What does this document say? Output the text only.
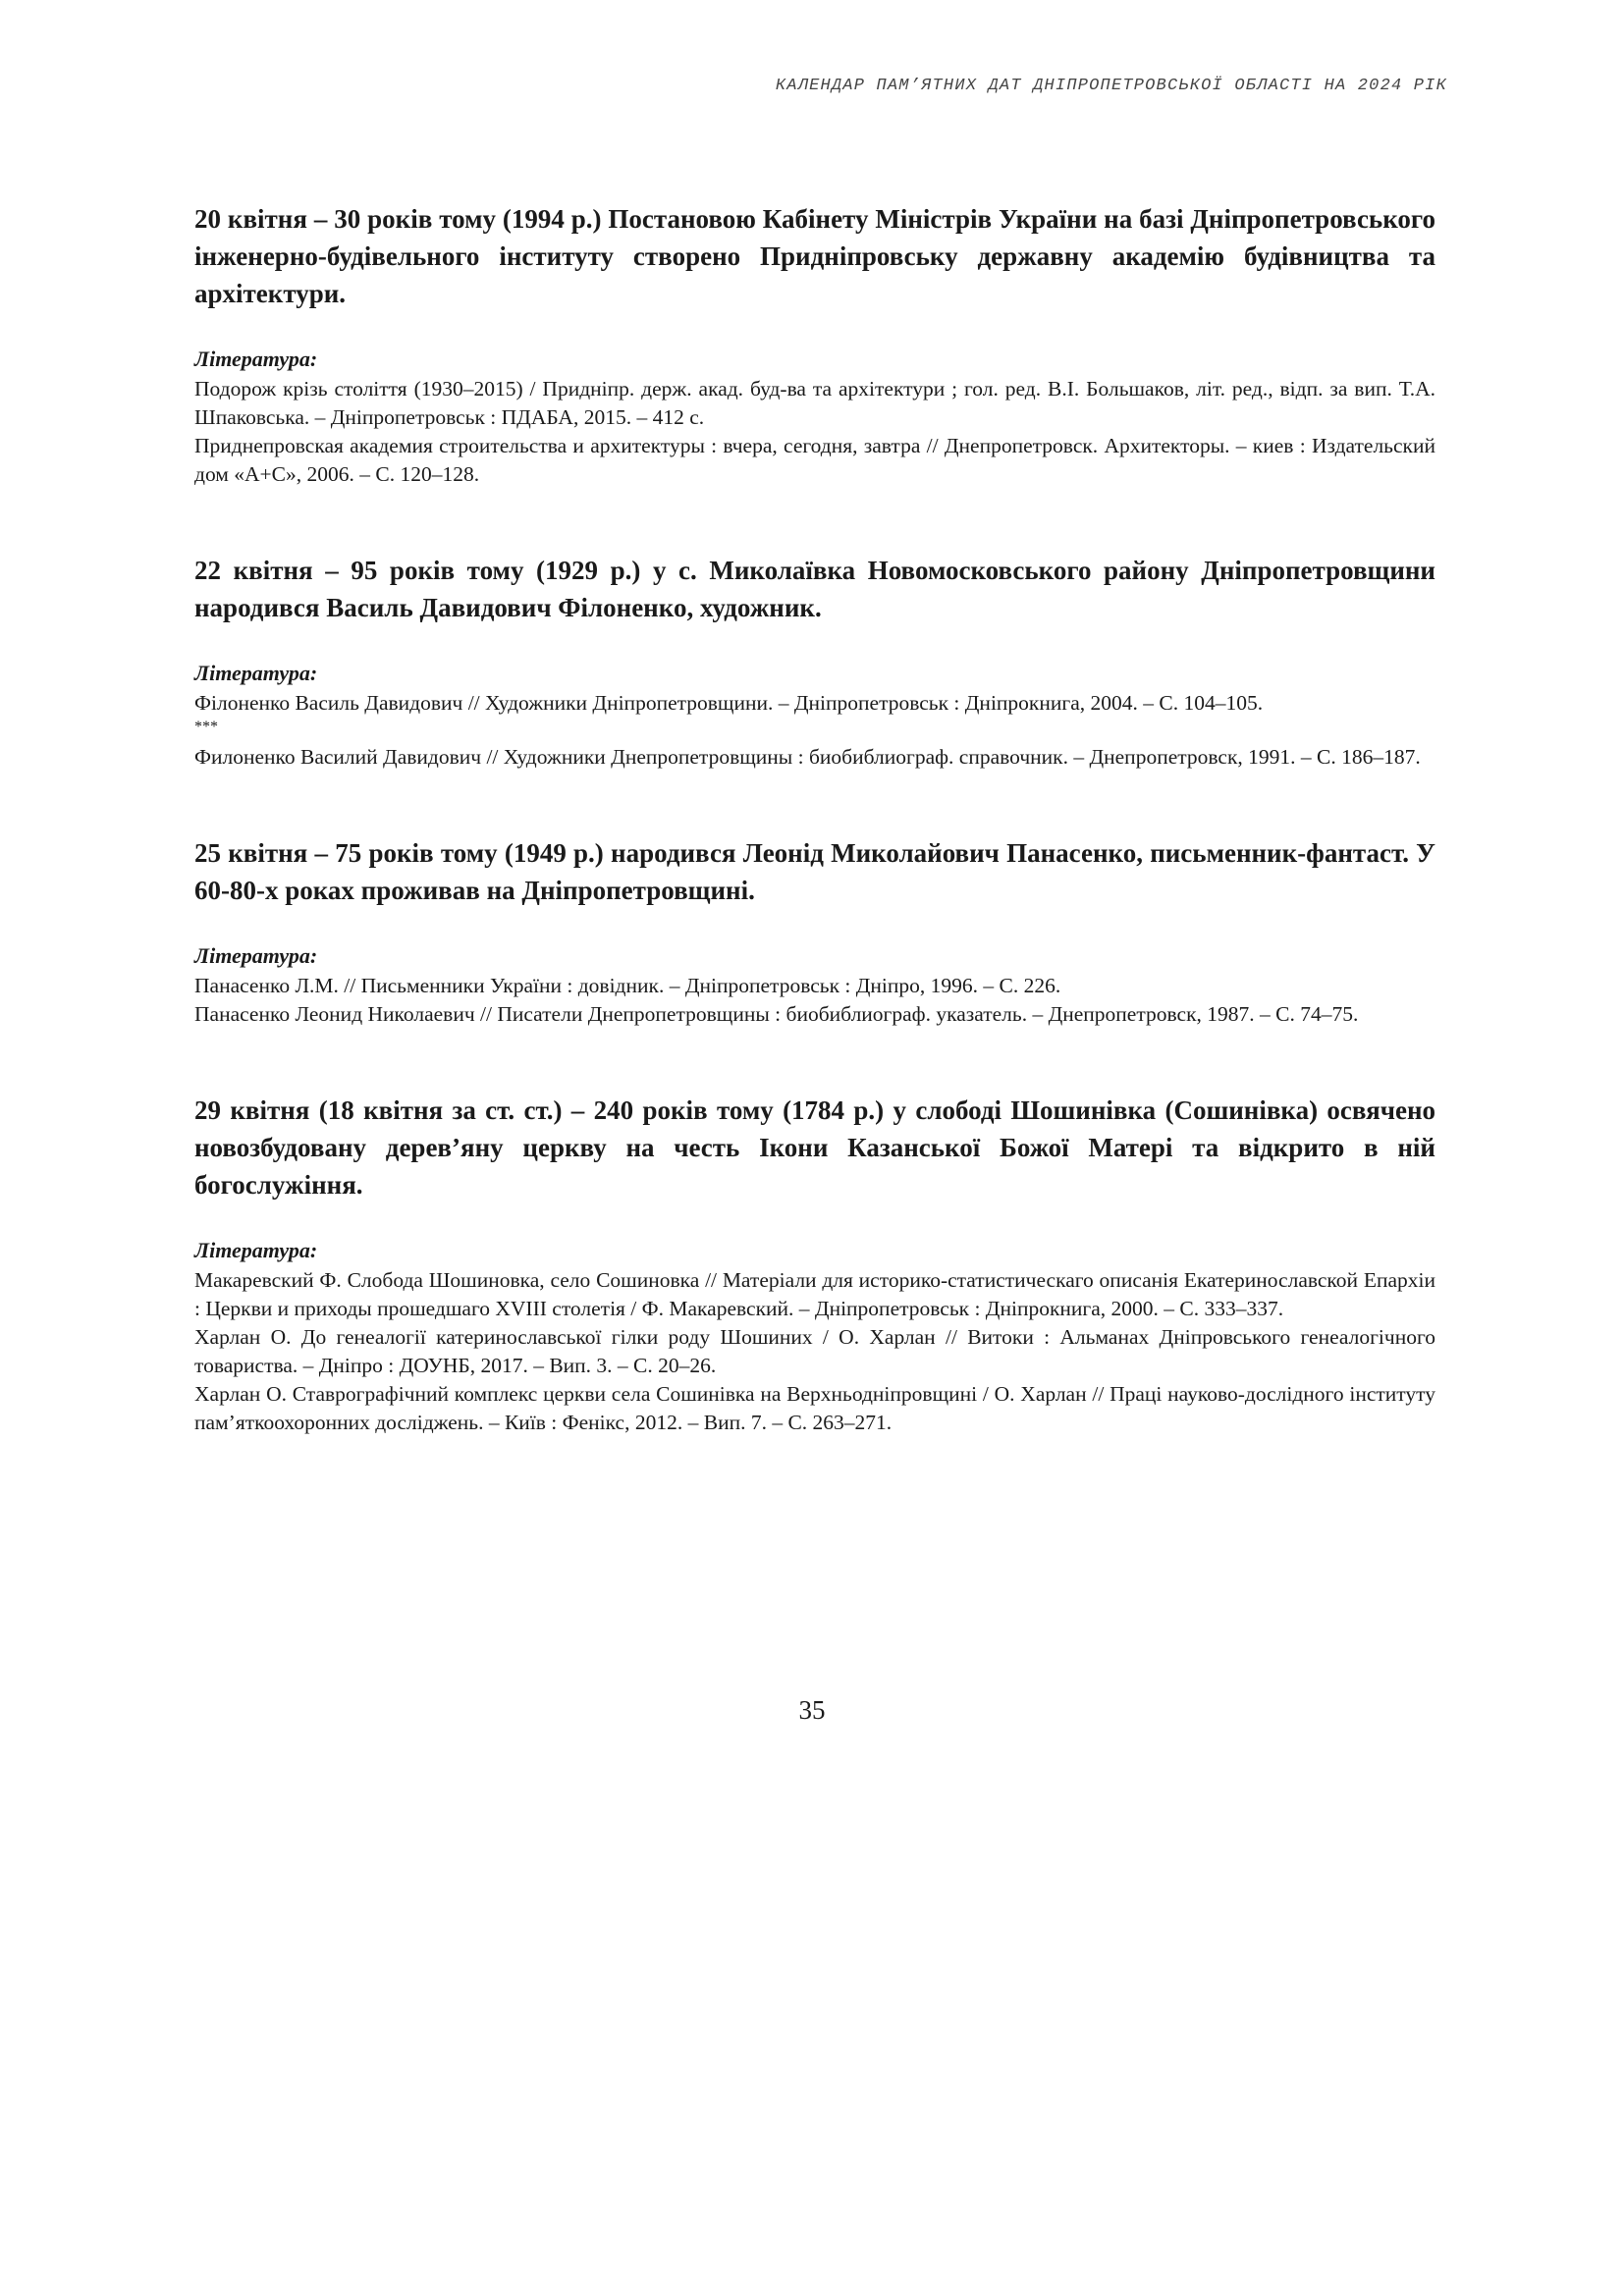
КАЛЕНДАР ПАМ’ЯТНИХ ДАТ ДНІПРОПЕТРОВСЬКОЇ ОБЛАСТІ НА 2024 РІК

20 квітня – 30 років тому (1994 р.) Постановою Кабінету Міністрів України на базі Дніпропетровського інженерно-будівельного інституту створено Придніпровську державну академію будівництва та архітектури.

Література:

Подорож крізь століття (1930–2015) / Придніпр. держ. акад. буд-ва та архітектури ; гол. ред. В.І. Большаков, літ. ред., відп. за вип. Т.А. Шпаковська. – Дніпропетровськ : ПДАБА, 2015. – 412 с.

Приднепровская академия строительства и архитектуры : вчера, сегодня, завтра // Днепропетровск. Архитекторы. – киев : Издательский дом «А+С», 2006. – С. 120–128.

22 квітня – 95 років тому (1929 р.) у с. Миколаївка Новомосковського району Дніпропетровщини народився Василь Давидович Філоненко, художник.

Література:

Філоненко Василь Давидович // Художники Дніпропетровщини. – Дніпропетровськ : Дніпрокнига, 2004. – С. 104–105.

***

Филоненко Василий Давидович // Художники Днепропетровщины : биобиблиограф. справочник. – Днепропетровск, 1991. – С. 186–187.

25 квітня – 75 років тому (1949 р.) народився Леонід Миколайович Панасенко, письменник-фантаст. У 60-80-х роках проживав на Дніпропетровщині.

Література:

Панасенко Л.М. // Письменники України : довідник. – Дніпропетровськ : Дніпро, 1996. – С. 226.

Панасенко Леонид Николаевич // Писатели Днепропетровщины : биобиблиограф. указатель. – Днепропетровск, 1987. – С. 74–75.

29 квітня (18 квітня за ст. ст.) – 240 років тому (1784 р.) у слободі Шошинівка (Сошинівка) освячено новозбудовану дерев’яну церкву на честь Ікони Казанської Божої Матері та відкрито в ній богослужіння.

Література:

Макаревский Ф. Слобода Шошиновка, село Сошиновка // Матеріали для историко-статистическаго описанія Екатеринославской Епархіи : Церкви и приходы прошедшаго XVIII столетія / Ф. Макаревский. – Дніпропетровськ : Дніпрокнига, 2000. – С. 333–337.

Харлан О. До генеалогії катеринославської гілки роду Шошиних / О. Харлан // Витоки : Альманах Дніпровського генеалогічного товариства. – Дніпро : ДОУНБ, 2017. – Вип. 3. – С. 20–26.

Харлан О. Ставрографічний комплекс церкви села Сошинівка на Верхньодніпровщині / О. Харлан // Праці науково-дослідного інституту пам’яткоохоронних досліджень. – Київ : Фенікс, 2012. – Вип. 7. – С. 263–271.

35
